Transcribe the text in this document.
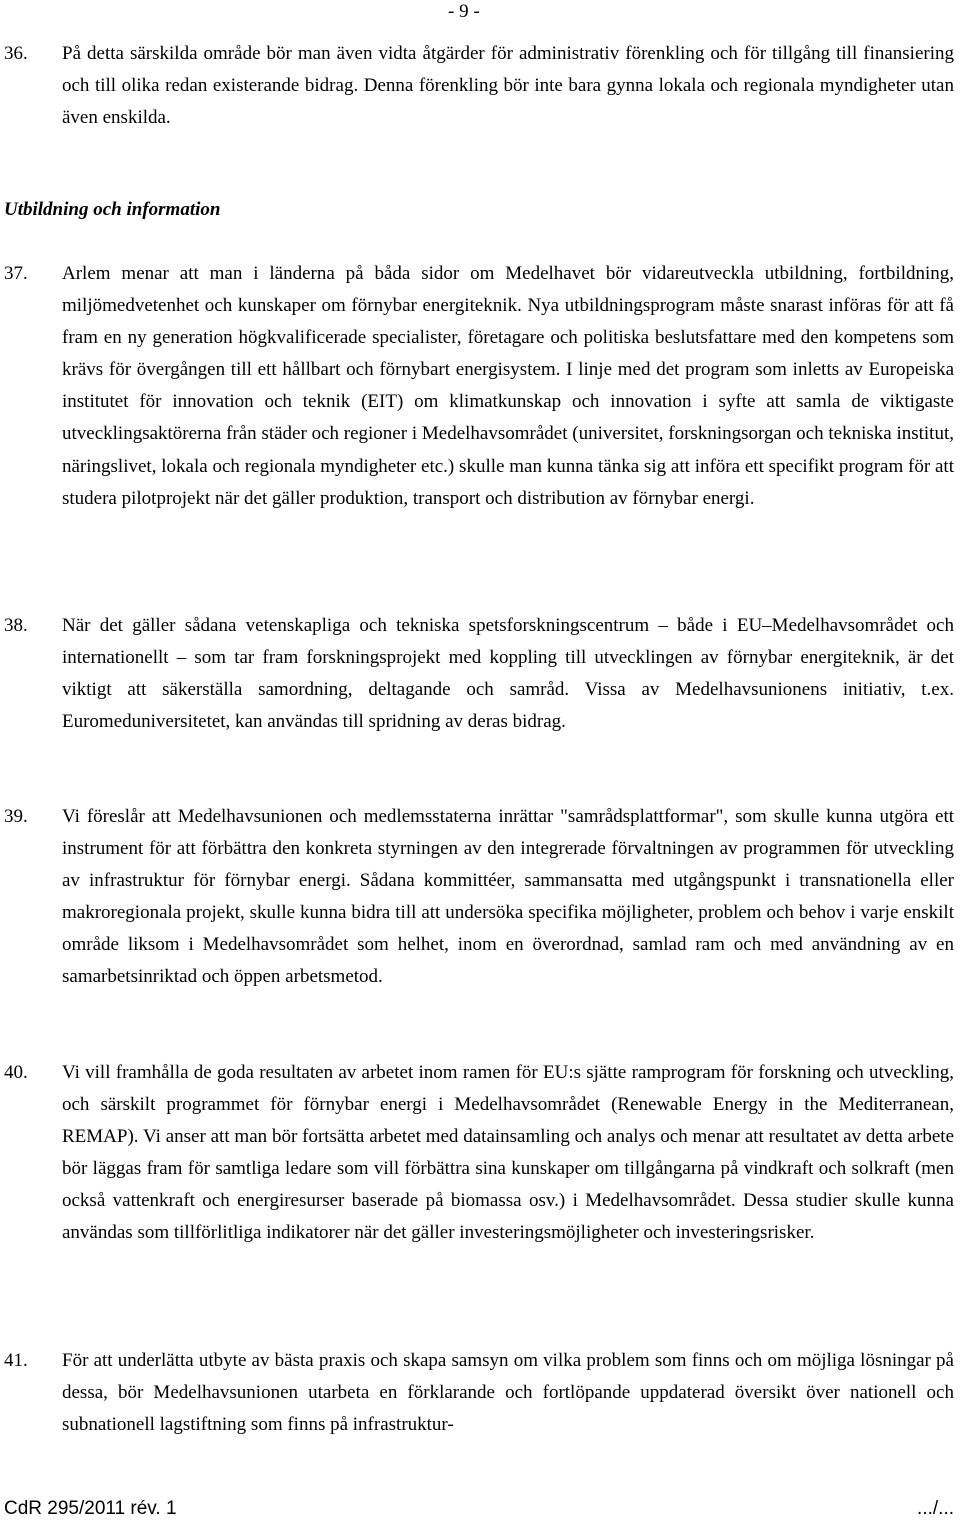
- 9 -
36.	På detta särskilda område bör man även vidta åtgärder för administrativ förenkling och för tillgång till finansiering och till olika redan existerande bidrag. Denna förenkling bör inte bara gynna lokala och regionala myndigheter utan även enskilda.
Utbildning och information
37.	Arlem menar att man i länderna på båda sidor om Medelhavet bör vidareutveckla utbildning, fortbildning, miljömedvetenhet och kunskaper om förnybar energiteknik. Nya utbildningsprogram måste snarast införas för att få fram en ny generation högkvalificerade specialister, företagare och politiska beslutsfattare med den kompetens som krävs för övergången till ett hållbart och förnybart energisystem. I linje med det program som inletts av Europeiska institutet för innovation och teknik (EIT) om klimatkunskap och innovation i syfte att samla de viktigaste utvecklingsaktörerna från städer och regioner i Medelhavsområdet (universitet, forskningsorgan och tekniska institut, näringslivet, lokala och regionala myndigheter etc.) skulle man kunna tänka sig att införa ett specifikt program för att studera pilotprojekt när det gäller produktion, transport och distribution av förnybar energi.
38.	När det gäller sådana vetenskapliga och tekniska spetsforskningscentrum – både i EU–Medelhavsområdet och internationellt – som tar fram forskningsprojekt med koppling till utvecklingen av förnybar energiteknik, är det viktigt att säkerställa samordning, deltagande och samråd. Vissa av Medelhavsunionens initiativ, t.ex. Euromeduniversitetet, kan användas till spridning av deras bidrag.
39.	Vi föreslår att Medelhavsunionen och medlemsstaterna inrättar "samrådsplattformar", som skulle kunna utgöra ett instrument för att förbättra den konkreta styrningen av den integrerade förvaltningen av programmen för utveckling av infrastruktur för förnybar energi. Sådana kommittéer, sammansatta med utgångspunkt i transnationella eller makroregionala projekt, skulle kunna bidra till att undersöka specifika möjligheter, problem och behov i varje enskilt område liksom i Medelhavsområdet som helhet, inom en överordnad, samlad ram och med användning av en samarbetsinriktad och öppen arbetsmetod.
40.	Vi vill framhålla de goda resultaten av arbetet inom ramen för EU:s sjätte ramprogram för forskning och utveckling, och särskilt programmet för förnybar energi i Medelhavsområdet (Renewable Energy in the Mediterranean, REMAP). Vi anser att man bör fortsätta arbetet med datainsamling och analys och menar att resultatet av detta arbete bör läggas fram för samtliga ledare som vill förbättra sina kunskaper om tillgångarna på vindkraft och solkraft (men också vattenkraft och energiresurser baserade på biomassa osv.) i Medelhavsområdet. Dessa studier skulle kunna användas som tillförlitliga indikatorer när det gäller investeringsmöjligheter och investeringsrisker.
41.	För att underlätta utbyte av bästa praxis och skapa samsyn om vilka problem som finns och om möjliga lösningar på dessa, bör Medelhavsunionen utarbeta en förklarande och fortlöpande uppdaterad översikt över nationell och subnationell lagstiftning som finns på infrastruktur-
CdR 295/2011 rév. 1	.../...
